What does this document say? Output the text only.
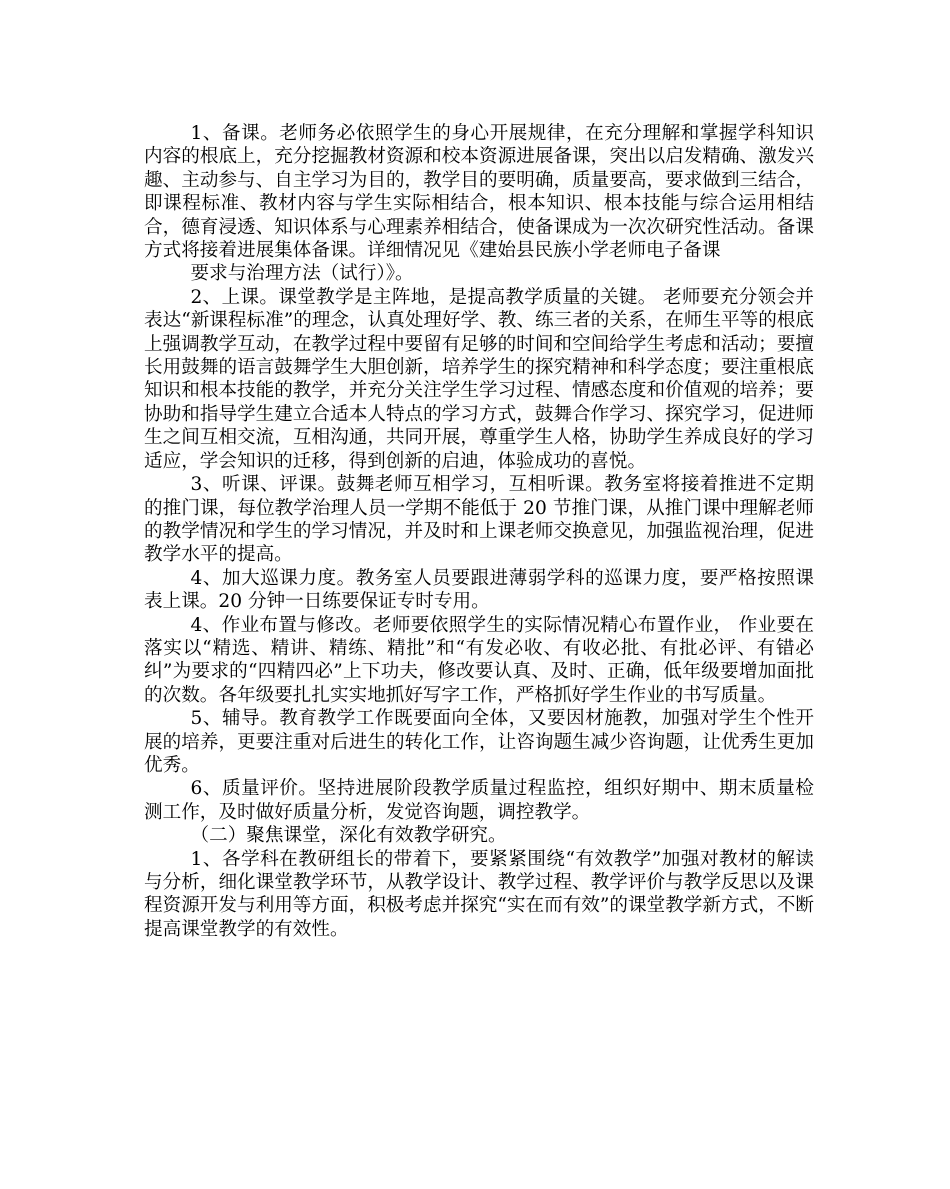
1、备课。老师务必依照学生的身心开展规律，在充分理解和掌握学科知识内容的根底上，充分挖掘教材资源和校本资源进展备课，突出以启发精确、激发兴趣、主动参与、自主学习为目的，教学目的要明确，质量要高，要求做到三结合，即课程标准、教材内容与学生实际相结合，根本知识、根本技能与综合运用相结合，德育浸透、知识体系与心理素养相结合，使备课成为一次次研究性活动。备课方式将接着进展集体备课。详细情况见《建始县民族小学老师电子备课

要求与治理方法（试行）》。

2、上课。课堂教学是主阵地，是提高教学质量的关键。 老师要充分领会并表达“新课程标准”的理念，认真处理好学、教、练三者的关系，在师生平等的根底上强调教学互动，在教学过程中要留有足够的时间和空间给学生考虑和活动；要擅长用鼓舞的语言鼓舞学生大胆创新，培养学生的探究精神和科学态度；要注重根底知识和根本技能的教学，并充分关注学生学习过程、情感态度和价值观的培养；要协助和指导学生建立合适本人特点的学习方式，鼓舞合作学习、探究学习，促进师生之间互相交流，互相沟通，共同开展，尊重学生人格，协助学生养成良好的学习适应，学会知识的迁移，得到创新的启迪，体验成功的喜悦。

3、听课、评课。鼓舞老师互相学习，互相听课。教务室将接着推进不定期的推门课，每位教学治理人员一学期不能低于 20 节推门课，从推门课中理解老师的教学情况和学生的学习情况，并及时和上课老师交换意见，加强监视治理，促进教学水平的提高。

4、加大巡课力度。教务室人员要跟进薄弱学科的巡课力度，要严格按照课表上课。20 分钟一日练要保证专时专用。

4、作业布置与修改。老师要依照学生的实际情况精心布置作业， 作业要在落实以“精选、精讲、精练、精批”和“有发必收、有收必批、有批必评、有错必纠”为要求的“四精四必”上下功夫，修改要认真、及时、正确，低年级要增加面批的次数。各年级要扎扎实实地抓好写字工作，严格抓好学生作业的书写质量。

5、辅导。教育教学工作既要面向全体，又要因材施教，加强对学生个性开展的培养，更要注重对后进生的转化工作，让咨询题生减少咨询题，让优秀生更加优秀。

6、质量评价。坚持进展阶段教学质量过程监控，组织好期中、期末质量检测工作，及时做好质量分析，发觉咨询题，调控教学。

（二）聚焦课堂，深化有效教学研究。

1、各学科在教研组长的带着下，要紧紧围绕“有效教学”加强对教材的解读与分析，细化课堂教学环节，从教学设计、教学过程、教学评价与教学反思以及课程资源开发与利用等方面，积极考虑并探究“实在而有效”的课堂教学新方式，不断提高课堂教学的有效性。
